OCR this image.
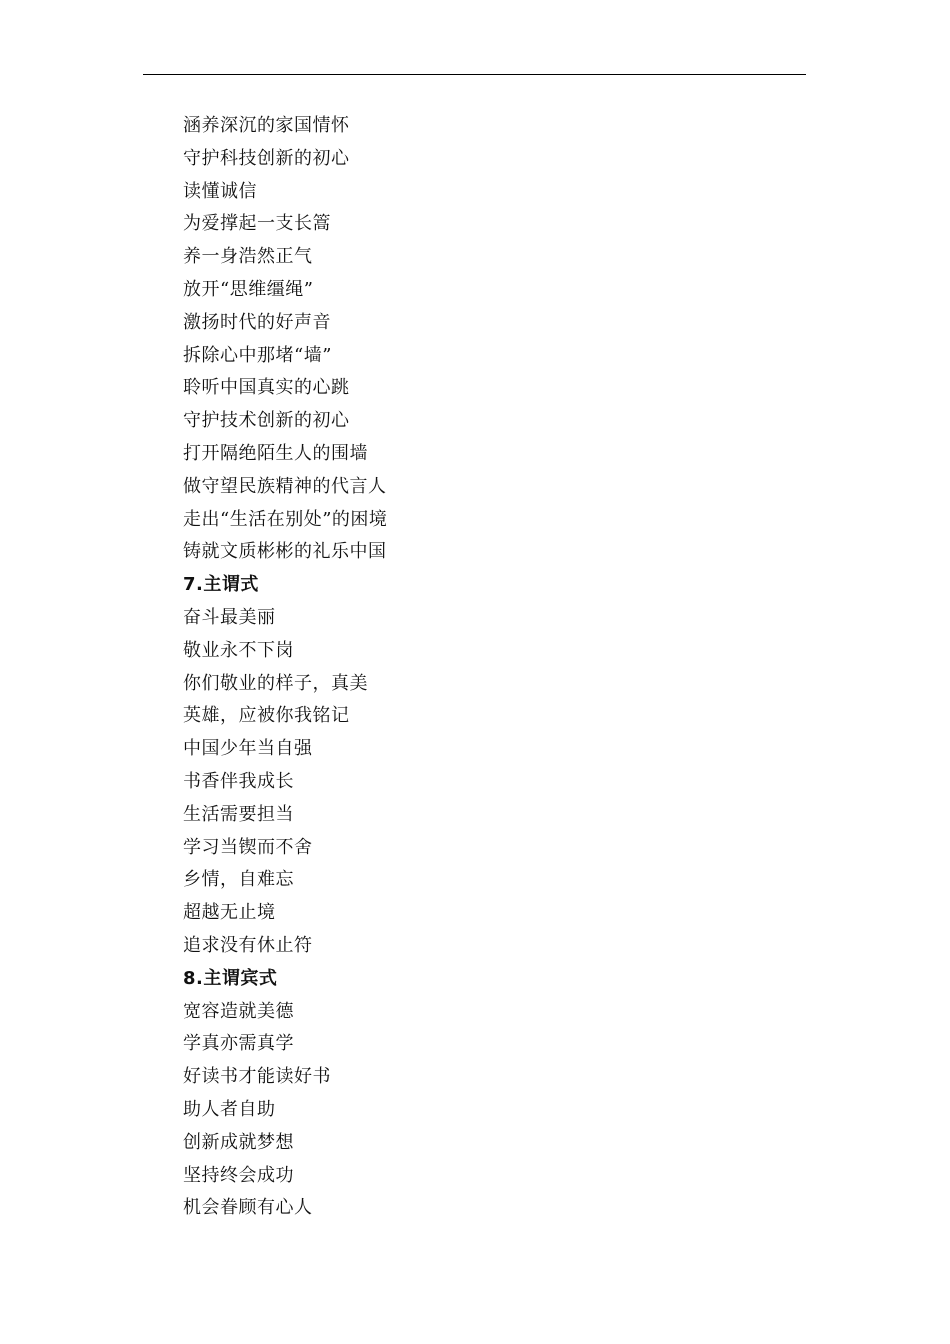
涵养深沉的家国情怀
守护科技创新的初心
读懂诚信
为爱撑起一支长篙
养一身浩然正气
放开“思维缰绳”
激扬时代的好声音
拆除心中那堵“墙”
聆听中国真实的心跳
守护技术创新的初心
打开隔绝陌生人的围墙
做守望民族精神的代言人
走出“生活在别处”的困境
铸就文质彬彬的礼乐中国
7.主谓式
奋斗最美丽
敬业永不下岗
你们敬业的样子，真美
英雄，应被你我铭记
中国少年当自强
书香伴我成长
生活需要担当
学习当锲而不舍
乡情，自难忘
超越无止境
追求没有休止符
8.主谓宾式
宽容造就美德
学真亦需真学
好读书才能读好书
助人者自助
创新成就梦想
坚持终会成功
机会眷顾有心人
